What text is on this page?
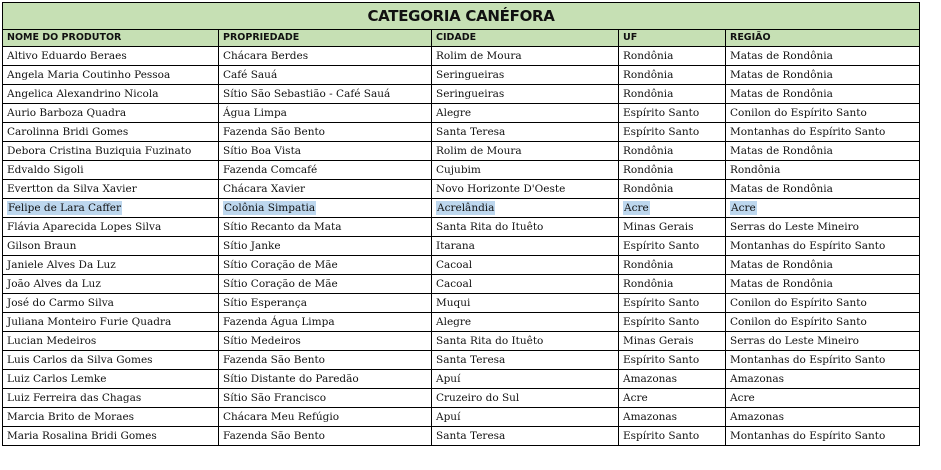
CATEGORIA CANÉFORA				
NOME DO PRODUTOR	PROPRIEDADE	CIDADE	UF	REGIÃO
Altivo Eduardo Beraes	Chácara Berdes	Rolim de Moura	Rondônia	Matas de Rondônia
Angela Maria Coutinho Pessoa	Café Sauá	Seringueiras	Rondônia	Matas de Rondônia
Angelica Alexandrino Nicola	Sítio São Sebastião - Café Sauá	Seringueiras	Rondônia	Matas de Rondônia
Aurio Barboza Quadra	Água Limpa	Alegre	Espírito Santo	Conilon do Espírito Santo
Carolinna Bridi Gomes	Fazenda São Bento	Santa Teresa	Espírito Santo	Montanhas do Espírito Santo
Debora Cristina Buziquia Fuzinato	Sítio Boa Vista	Rolim de Moura	Rondônia	Matas de Rondônia
Edvaldo Sigoli	Fazenda Comcafé	Cujubim	Rondônia	Rondônia
Evertton da Silva Xavier	Chácara Xavier	Novo Horizonte D'Oeste	Rondônia	Matas de Rondônia
Felipe de Lara Caffer	Colônia Simpatia	Acrelândia	Acre	Acre
Flávia Aparecida Lopes Silva	Sítio Recanto da Mata	Santa Rita do Ituêto	Minas Gerais	Serras do Leste Mineiro
Gilson Braun	Sítio Janke	Itarana	Espírito Santo	Montanhas do Espírito Santo
Janiele Alves Da Luz	Sítio Coração de Mãe	Cacoal	Rondônia	Matas de Rondônia
João Alves da Luz	Sítio Coração de Mãe	Cacoal	Rondônia	Matas de Rondônia
José do Carmo Silva	Sítio Esperança	Muqui	Espírito Santo	Conilon do Espírito Santo
Juliana Monteiro Furie Quadra	Fazenda Água Limpa	Alegre	Espírito Santo	Conilon do Espírito Santo
Lucian Medeiros	Sítio Medeiros	Santa Rita do Ituêto	Minas Gerais	Serras do Leste Mineiro
Luis Carlos da Silva Gomes	Fazenda São Bento	Santa Teresa	Espírito Santo	Montanhas do Espírito Santo
Luiz Carlos Lemke	Sítio Distante do Paredão	Apuí	Amazonas	Amazonas
Luiz Ferreira das Chagas	Sítio São Francisco	Cruzeiro do Sul	Acre	Acre
Marcia Brito de Moraes	Chácara Meu Refúgio	Apuí	Amazonas	Amazonas
Maria Rosalina Bridi Gomes	Fazenda São Bento	Santa Teresa	Espírito Santo	Montanhas do Espírito Santo
